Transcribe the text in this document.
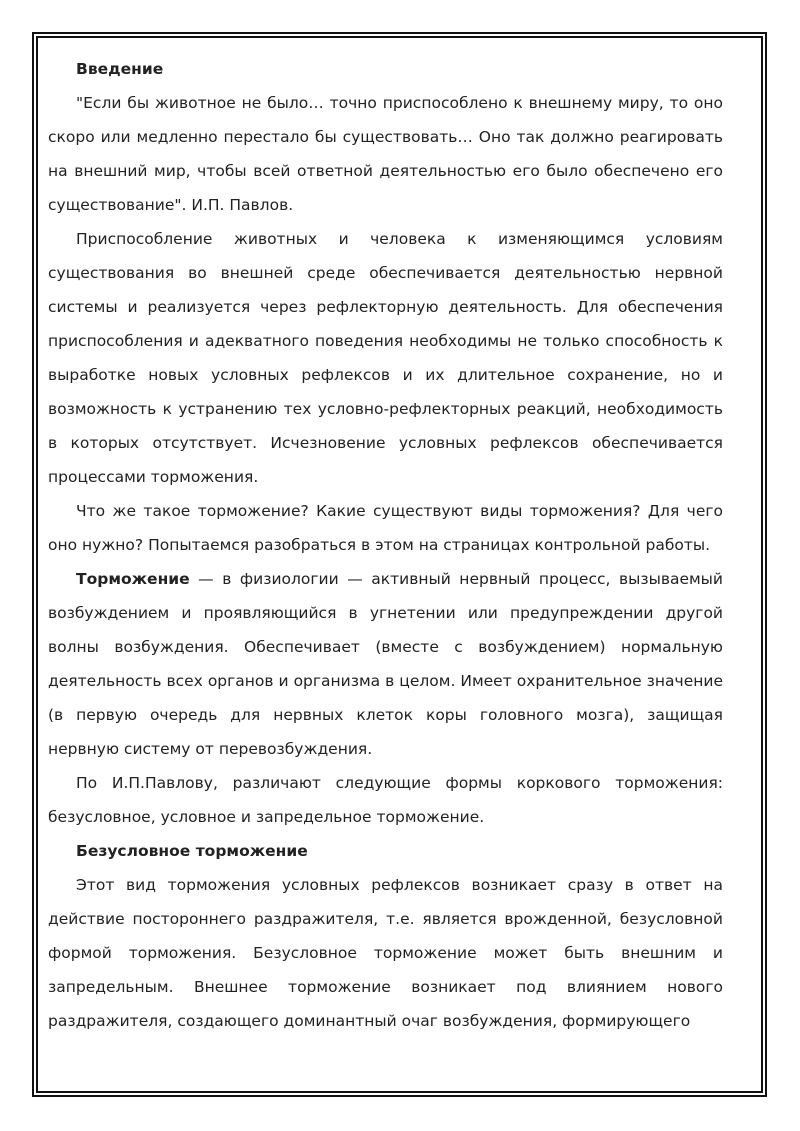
Введение

"Если бы животное не было… точно приспособлено к внешнему миру, то оно скоро или медленно перестало бы существовать… Оно так должно реагировать на внешний мир, чтобы всей ответной деятельностью его было обеспечено его существование". И.П. Павлов.

Приспособление животных и человека к изменяющимся условиям существования во внешней среде обеспечивается деятельностью нервной системы и реализуется через рефлекторную деятельность. Для обеспечения приспособления и адекватного поведения необходимы не только способность к выработке новых условных рефлексов и их длительное сохранение, но и возможность к устранению тех условно-рефлекторных реакций, необходимость в которых отсутствует. Исчезновение условных рефлексов обеспечивается процессами торможения.

Что же такое торможение? Какие существуют виды торможения? Для чего оно нужно? Попытаемся разобраться в этом на страницах контрольной работы.

Торможение — в физиологии — активный нервный процесс, вызываемый возбуждением и проявляющийся в угнетении или предупреждении другой волны возбуждения. Обеспечивает (вместе с возбуждением) нормальную деятельность всех органов и организма в целом. Имеет охранительное значение (в первую очередь для нервных клеток коры головного мозга), защищая нервную систему от перевозбуждения.

По И.П.Павлову, различают следующие формы коркового торможения: безусловное, условное и запредельное торможение.

Безусловное торможение

Этот вид торможения условных рефлексов возникает сразу в ответ на действие постороннего раздражителя, т.е. является врожденной, безусловной формой торможения. Безусловное торможение может быть внешним и запредельным. Внешнее торможение возникает под влиянием нового раздражителя, создающего доминантный очаг возбуждения, формирующего
